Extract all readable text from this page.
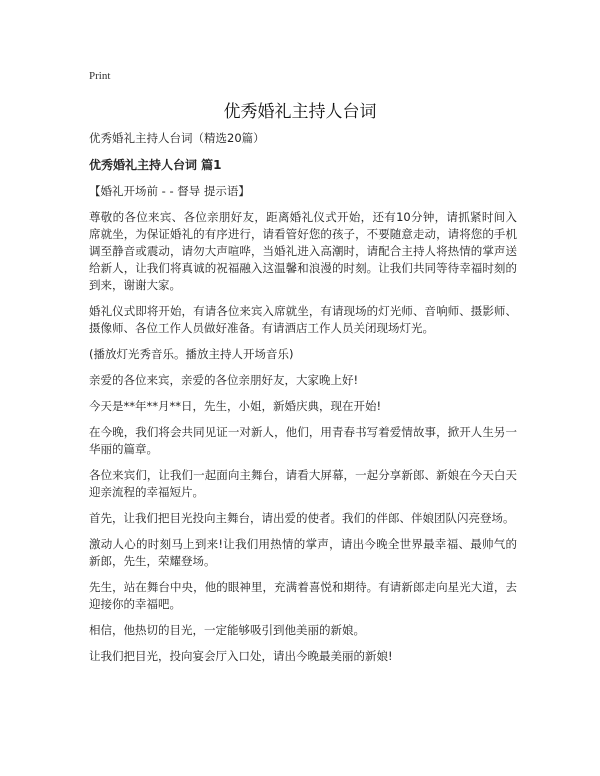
Print
优秀婚礼主持人台词

优秀婚礼主持人台词（精选20篇）

优秀婚礼主持人台词 篇1

【婚礼开场前 - - 督导 提示语】

尊敬的各位来宾、各位亲朋好友，距离婚礼仪式开始，还有10分钟，请抓紧时间入席就坐，为保证婚礼的有序进行，请看管好您的孩子，不要随意走动，请将您的手机调至静音或震动，请勿大声喧哗，当婚礼进入高潮时，请配合主持人将热情的掌声送给新人，让我们将真诚的祝福融入这温馨和浪漫的时刻。让我们共同等待幸福时刻的到来，谢谢大家。

婚礼仪式即将开始，有请各位来宾入席就坐，有请现场的灯光师、音响师、摄影师、摄像师、各位工作人员做好准备。有请酒店工作人员关闭现场灯光。

(播放灯光秀音乐。播放主持人开场音乐)

亲爱的各位来宾，亲爱的各位亲朋好友，大家晚上好!

今天是**年**月**日，先生，小姐，新婚庆典，现在开始!

在今晚，我们将会共同见证一对新人，他们，用青春书写着爱情故事，掀开人生另一华丽的篇章。

各位来宾们，让我们一起面向主舞台，请看大屏幕，一起分享新郎、新娘在今天白天迎亲流程的幸福短片。

首先，让我们把目光投向主舞台，请出爱的使者。我们的伴郎、伴娘团队闪亮登场。

激动人心的时刻马上到来!让我们用热情的掌声，请出今晚全世界最幸福、最帅气的新郎，先生，荣耀登场。

先生，站在舞台中央，他的眼神里，充满着喜悦和期待。有请新郎走向星光大道，去迎接你的幸福吧。

相信，他热切的目光，一定能够吸引到他美丽的新娘。

让我们把目光，投向宴会厅入口处，请出今晚最美丽的新娘!
